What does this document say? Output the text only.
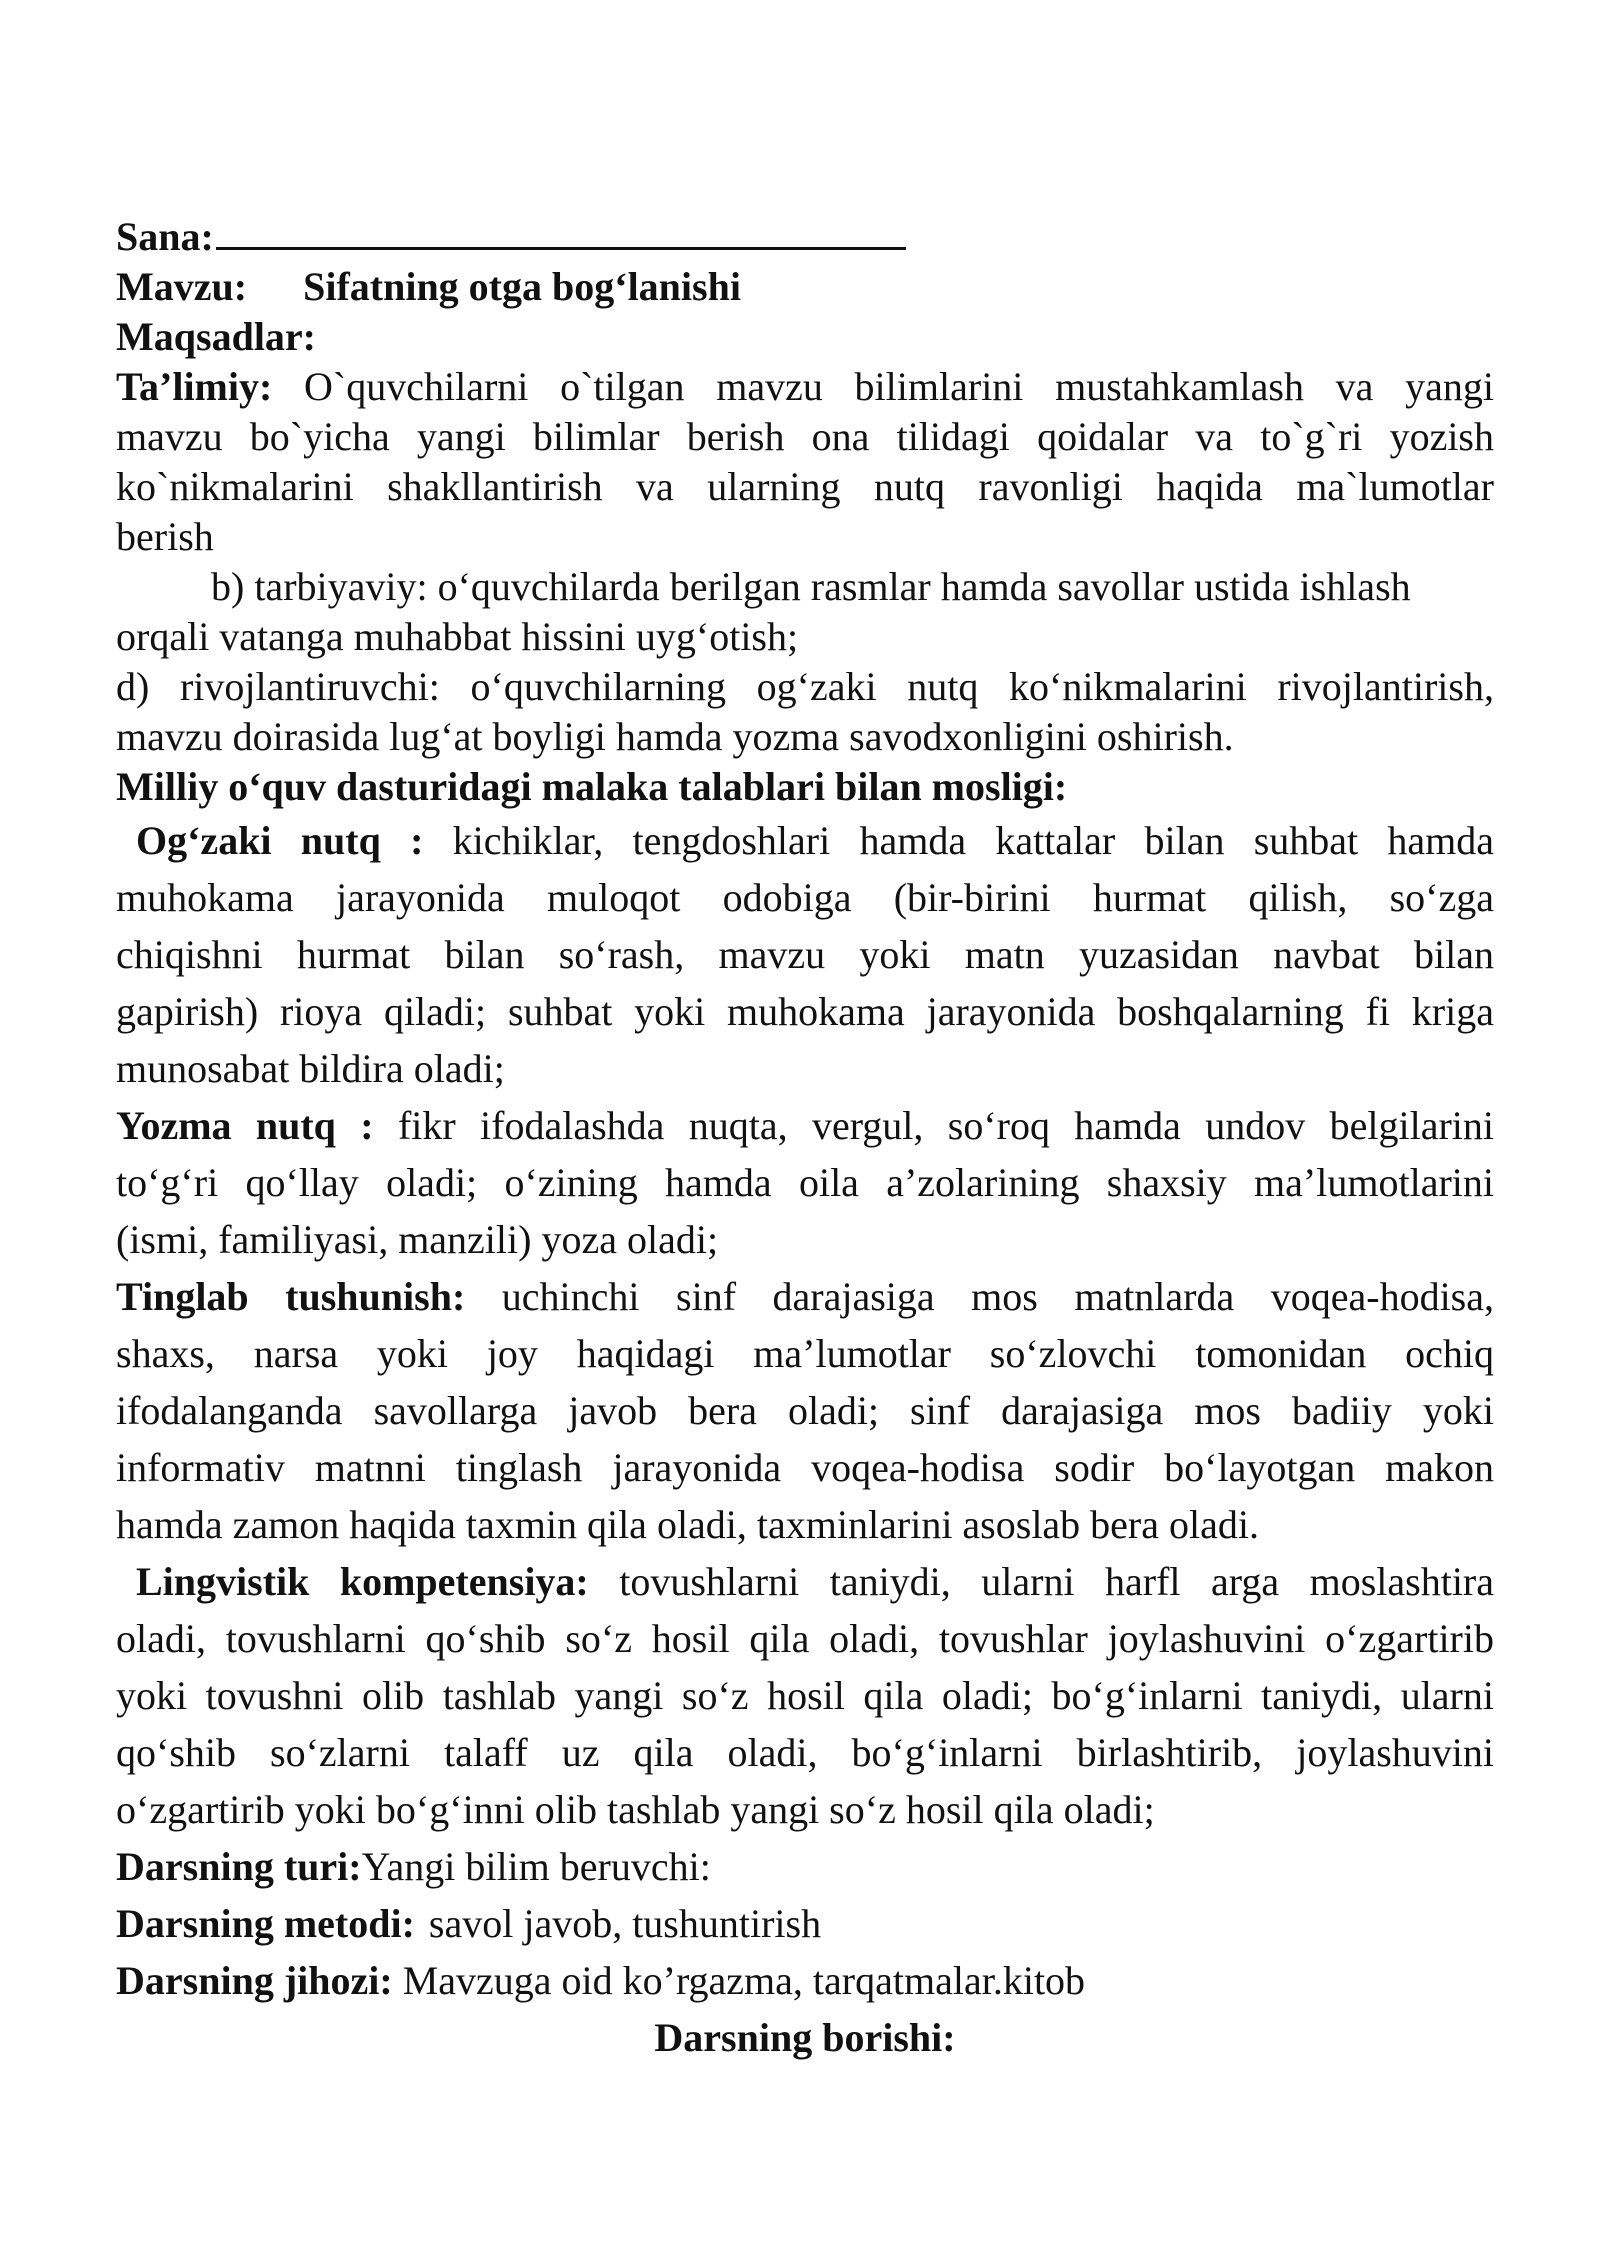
Sana:
Mavzu: Sifatning otga bog‘lanishi
Maqsadlar:
Ta’limiy: O`quvchilarni o`tilgan mavzu bilimlarini mustahkamlash va yangi
mavzu bo`yicha yangi bilimlar berish ona tilidagi qoidalar va to`g`ri yozish
ko`nikmalarini shakllantirish va ularning nutq ravonligi haqida ma`lumotlar
berish
b) tarbiyaviy: o‘quvchilarda berilgan rasmlar hamda savollar ustida ishlash
orqali vatanga muhabbat hissini uyg‘otish;
d) rivojlantiruvchi: o‘quvchilarning og‘zaki nutq ko‘nikmalarini rivojlantirish,
mavzu doirasida lug‘at boyligi hamda yozma savodxonligini oshirish.
Milliy o‘quv dasturidagi malaka talablari bilan mosligi:
Og‘zaki nutq : kichiklar, tengdoshlari hamda kattalar bilan suhbat hamda
muhokama jarayonida muloqot odobiga (bir-birini hurmat qilish, so‘zga
chiqishni hurmat bilan so‘rash, mavzu yoki matn yuzasidan navbat bilan
gapirish) rioya qiladi; suhbat yoki muhokama jarayonida boshqalarning fi kriga
munosabat bildira oladi;
Yozma nutq : fikr ifodalashda nuqta, vergul, so‘roq hamda undov belgilarini
to‘g‘ri qo‘llay oladi; o‘zining hamda oila a’zolarining shaxsiy ma’lumotlarini
(ismi, familiyasi, manzili) yoza oladi;
Tinglab tushunish: uchinchi sinf darajasiga mos matnlarda voqea-hodisa,
shaxs, narsa yoki joy haqidagi ma’lumotlar so‘zlovchi tomonidan ochiq
ifodalanganda savollarga javob bera oladi; sinf darajasiga mos badiiy yoki
informativ matnni tinglash jarayonida voqea-hodisa sodir bo‘layotgan makon
hamda zamon haqida taxmin qila oladi, taxminlarini asoslab bera oladi.
Lingvistik kompetensiya: tovushlarni taniydi, ularni harfl arga moslashtira
oladi, tovushlarni qo‘shib so‘z hosil qila oladi, tovushlar joylashuvini o‘zgartirib
yoki tovushni olib tashlab yangi so‘z hosil qila oladi; bo‘g‘inlarni taniydi, ularni
qo‘shib so‘zlarni talaff uz qila oladi, bo‘g‘inlarni birlashtirib, joylashuvini
o‘zgartirib yoki bo‘g‘inni olib tashlab yangi so‘z hosil qila oladi;
Darsning turi:Yangi bilim beruvchi:
Darsning metodi: savol javob, tushuntirish
Darsning jihozi: Mavzuga oid ko’rgazma, tarqatmalar.kitob
Darsning borishi:
